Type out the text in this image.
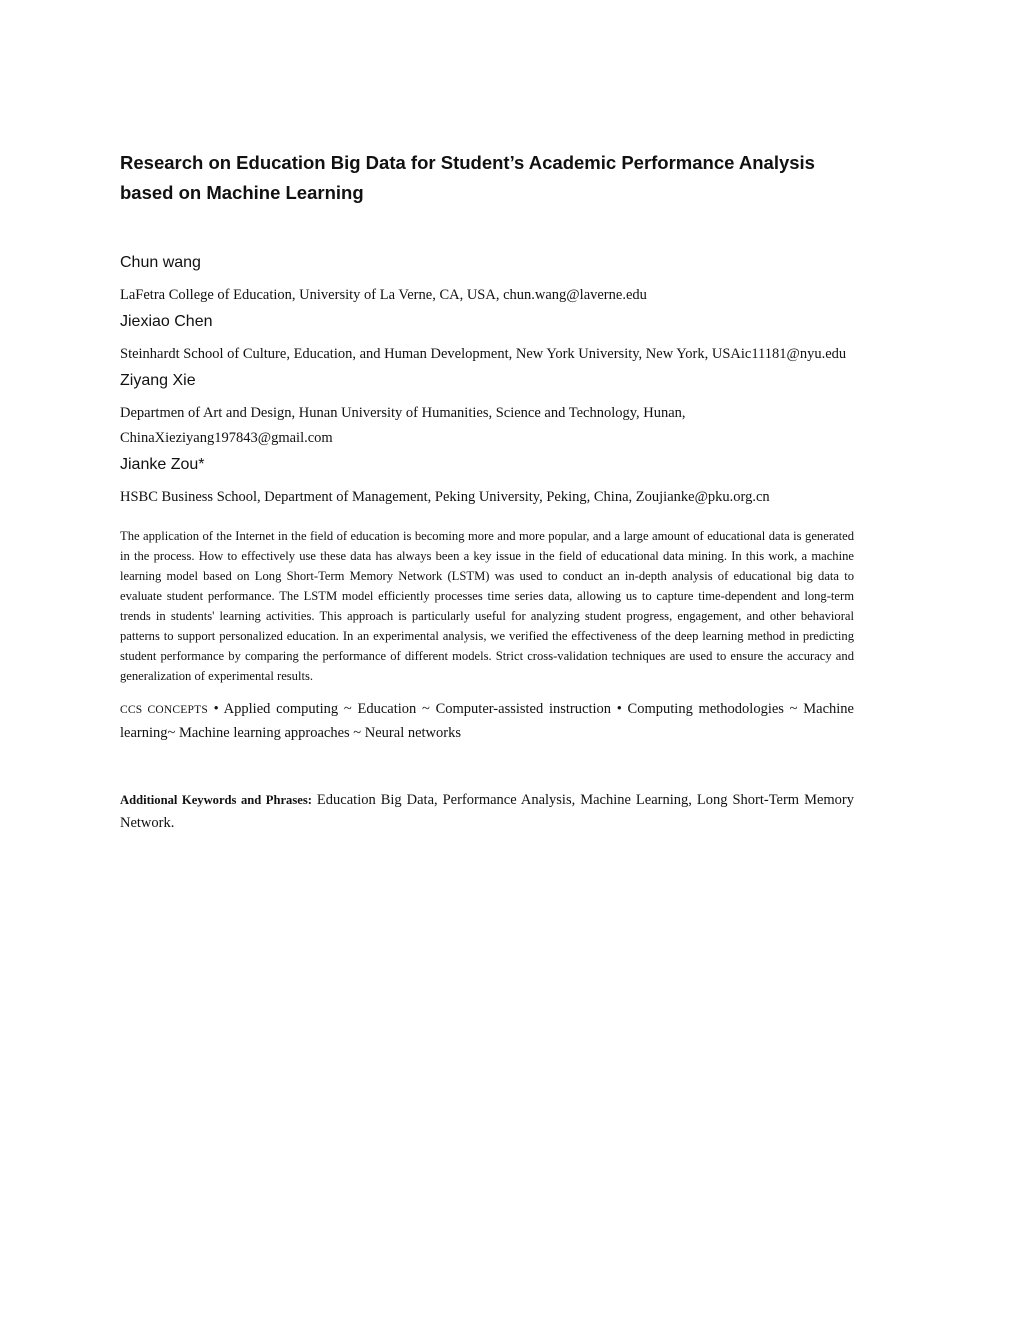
Research on Education Big Data for Student’s Academic Performance Analysis based on Machine Learning
Chun wang
LaFetra College of Education, University of La Verne, CA, USA, chun.wang@laverne.edu
Jiexiao Chen
Steinhardt School of Culture, Education, and Human Development, New York University, New York, USAic11181@nyu.edu
Ziyang Xie
Departmen of Art and Design, Hunan University of Humanities, Science and Technology, Hunan, ChinaXieziyang197843@gmail.com
Jianke Zou*
HSBC Business School, Department of Management, Peking University, Peking, China, Zoujianke@pku.org.cn

The application of the Internet in the field of education is becoming more and more popular, and a large amount of educational data is generated in the process. How to effectively use these data has always been a key issue in the field of educational data mining. In this work, a machine learning model based on Long Short-Term Memory Network (LSTM) was used to conduct an in-depth analysis of educational big data to evaluate student performance. The LSTM model efficiently processes time series data, allowing us to capture time-dependent and long-term trends in students' learning activities. This approach is particularly useful for analyzing student progress, engagement, and other behavioral patterns to support personalized education. In an experimental analysis, we verified the effectiveness of the deep learning method in predicting student performance by comparing the performance of different models. Strict cross-validation techniques are used to ensure the accuracy and generalization of experimental results.

CCS CONCEPTS • Applied computing ~ Education ~ Computer-assisted instruction • Computing methodologies ~ Machine learning~ Machine learning approaches ~ Neural networks

Additional Keywords and Phrases: Education Big Data, Performance Analysis, Machine Learning, Long Short-Term Memory Network.
